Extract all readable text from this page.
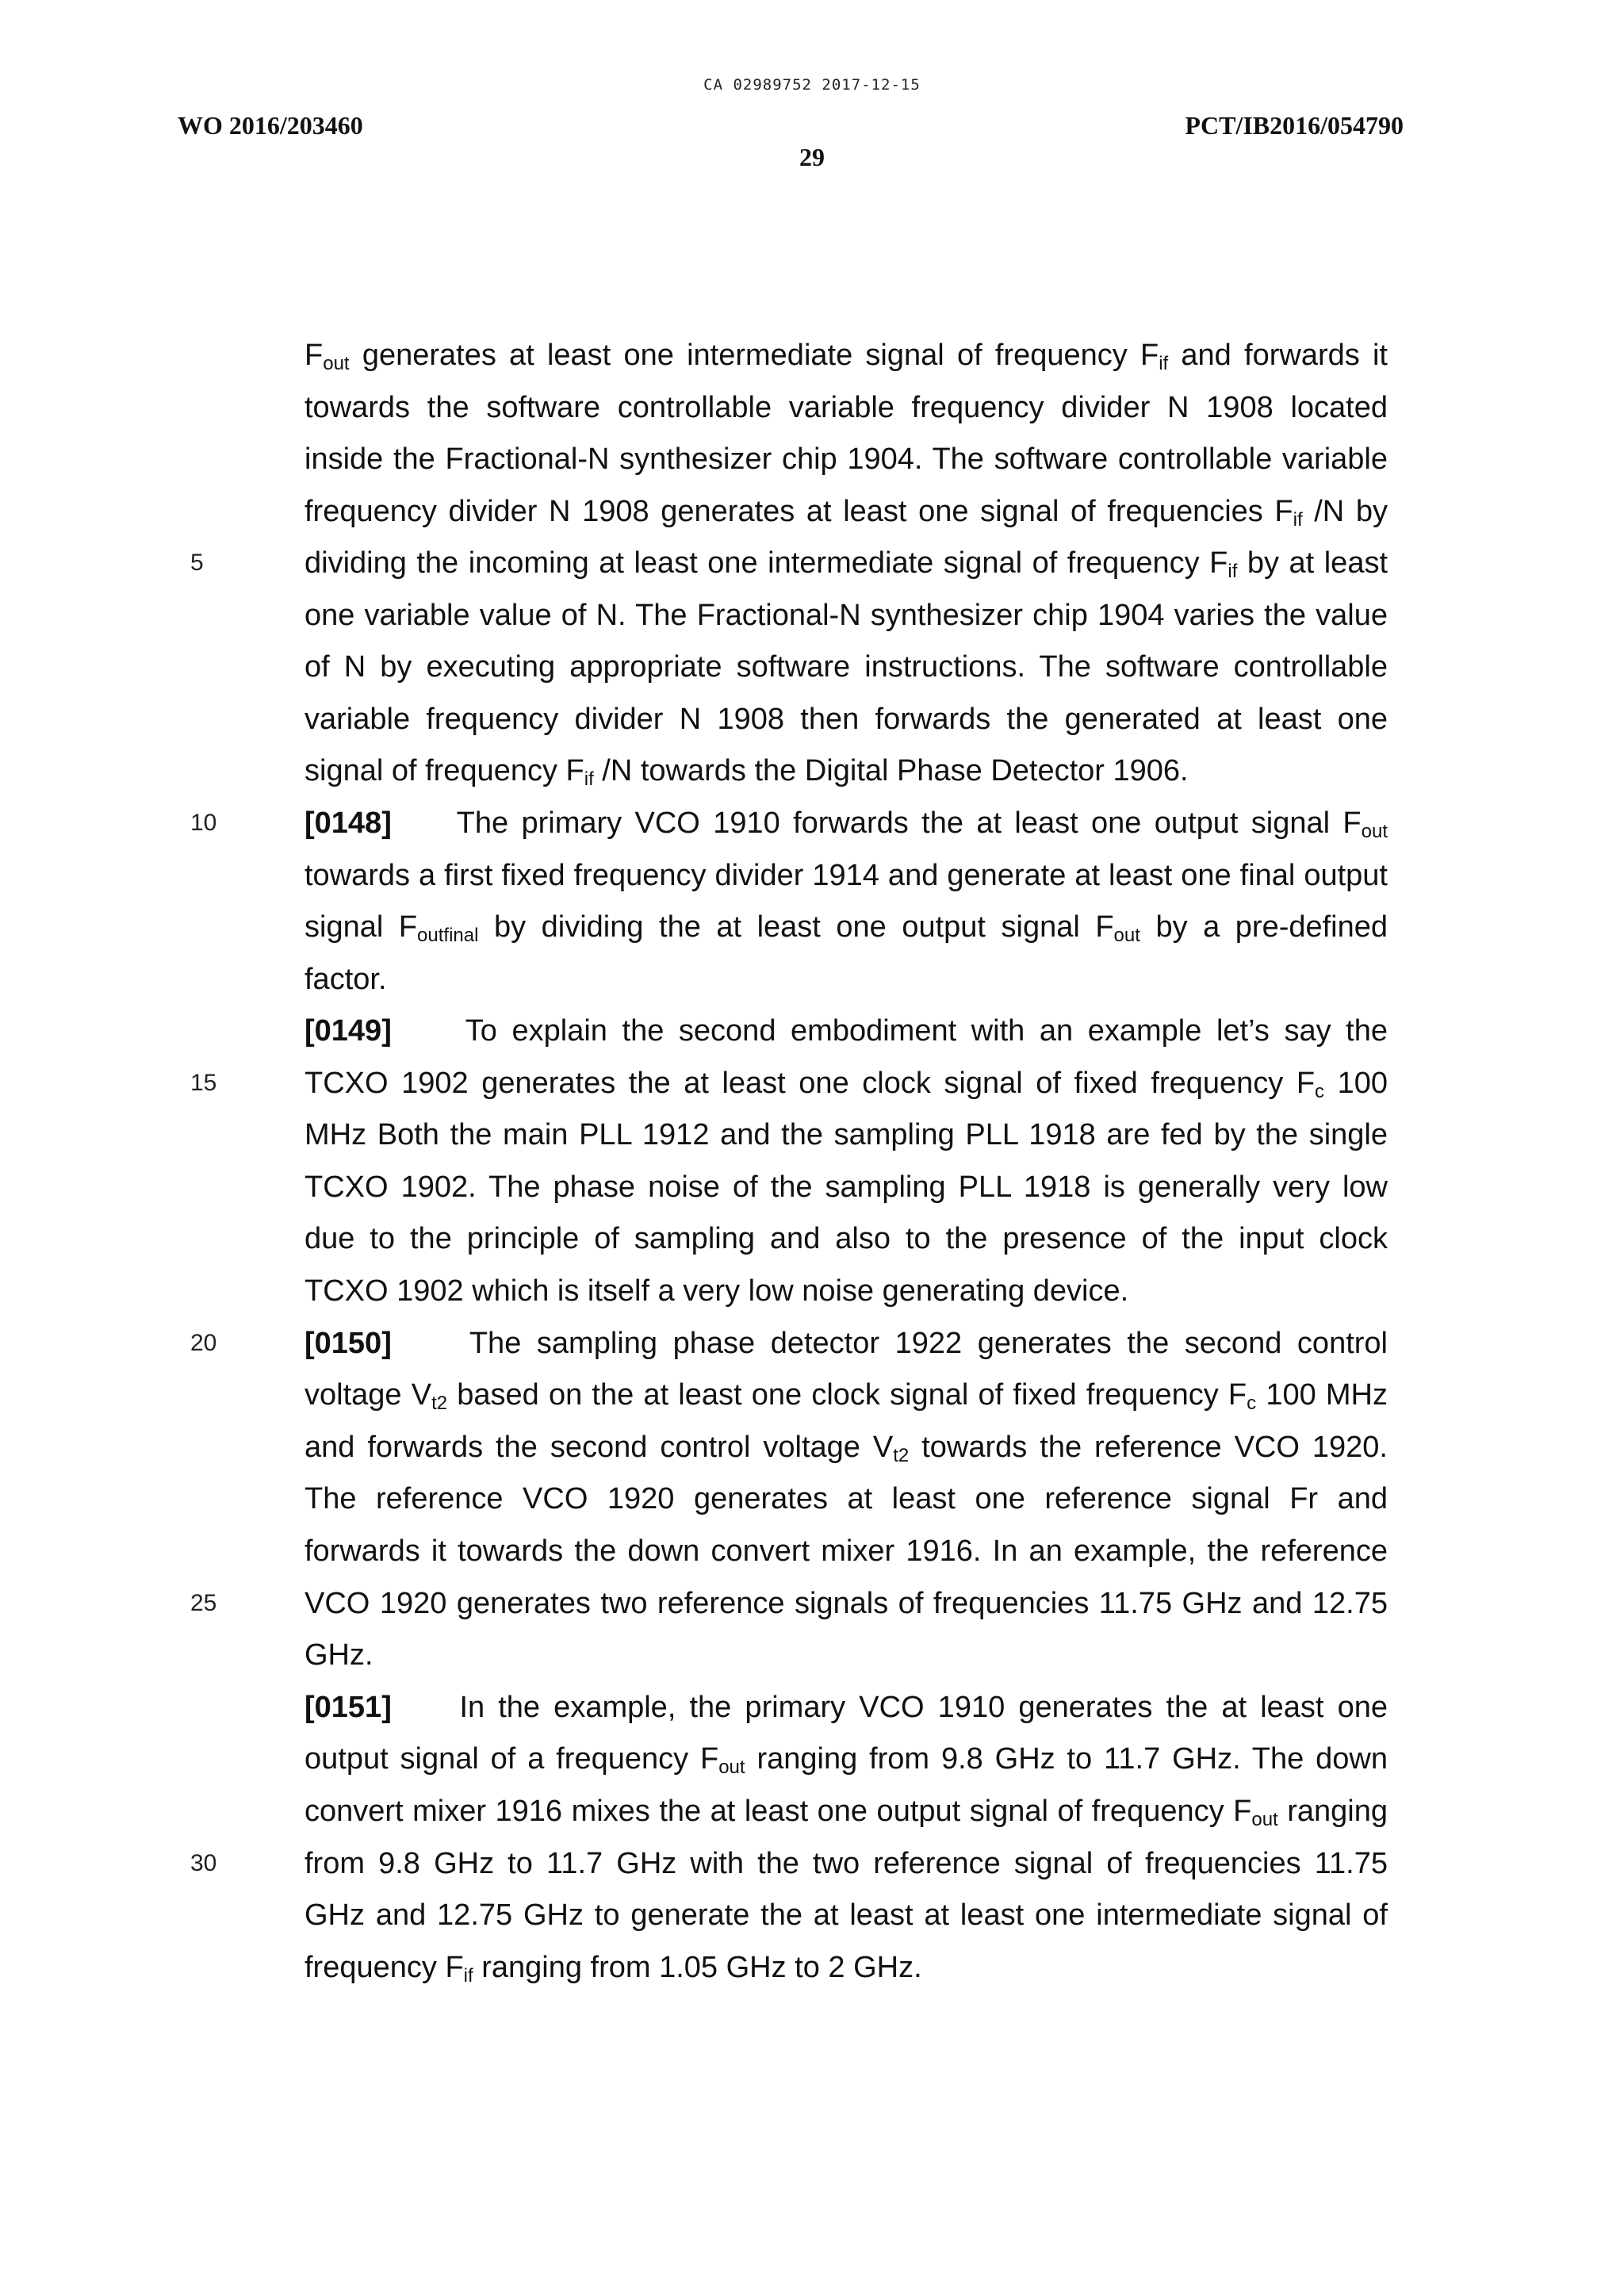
CA 02989752 2017-12-15
WO 2016/203460	PCT/IB2016/054790
29
5
10
15
20
25
30
$F_{out}$ generates at least one intermediate signal of frequency $F_{if}$ and forwards it
towards the software controllable variable frequency divider N 1908 located
inside the Fractional-N synthesizer chip 1904. The software controllable variable
frequency divider N 1908 generates at least one signal of frequencies $F_{if}$ /N by
dividing the incoming at least one intermediate signal of frequency $F_{if}$ by at least
one variable value of N. The Fractional-N synthesizer chip 1904 varies the value
of N by executing appropriate software instructions. The software controllable
variable frequency divider N 1908 then forwards the generated at least one
signal of frequency $F_{if}$ /N towards the Digital Phase Detector 1906.
[0148] The primary VCO 1910 forwards the at least one output signal $F_{out}$
towards a first fixed frequency divider 1914 and generate at least one final output
signal $F_{outfinal}$ by dividing the at least one output signal $F_{out}$ by a pre-defined
factor.
[0149] To explain the second embodiment with an example let’s say the
TCXO 1902 generates the at least one clock signal of fixed frequency $F_c$ 100
MHz Both the main PLL 1912 and the sampling PLL 1918 are fed by the single
TCXO 1902. The phase noise of the sampling PLL 1918 is generally very low
due to the principle of sampling and also to the presence of the input clock
TCXO 1902 which is itself a very low noise generating device.
[0150]	The sampling phase detector 1922 generates the second control
voltage $V_{t2}$ based on the at least one clock signal of fixed frequency $F_c$ 100 MHz
and forwards the second control voltage $V_{t2}$ towards the reference VCO 1920.
The reference VCO 1920 generates at least one reference signal Fr and
forwards it towards the down convert mixer 1916. In an example, the reference
VCO 1920 generates two reference signals of frequencies 11.75 GHz and 12.75
GHz.
[0151] In the example, the primary VCO 1910 generates the at least one
output signal of a frequency $F_{out}$ ranging from 9.8 GHz to 11.7 GHz. The down
convert mixer 1916 mixes the at least one output signal of frequency $F_{out}$ ranging
from 9.8 GHz to 11.7 GHz with the two reference signal of frequencies 11.75
GHz and 12.75 GHz to generate the at least at least one intermediate signal of
frequency $F_{if}$ ranging from 1.05 GHz to 2 GHz.
